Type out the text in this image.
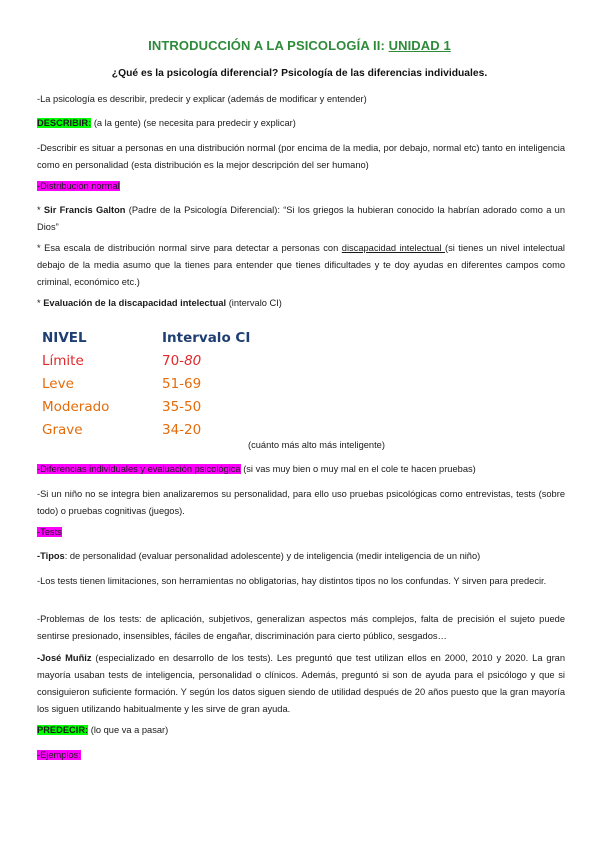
INTRODUCCIÓN A LA PSICOLOGÍA II: UNIDAD 1
¿Qué es la psicología diferencial? Psicología de las diferencias individuales.
-La psicología es describir, predecir y explicar (además de modificar y entender)
DESCRIBIR: (a la gente) (se necesita para predecir y explicar)
-Describir es situar a personas en una distribución normal (por encima de la media, por debajo, normal etc) tanto en inteligencia como en personalidad (esta distribución es la mejor descripción del ser humano)
-Distribución normal
* Sir Francis Galton (Padre de la Psicología Diferencial): “Si los griegos la hubieran conocido la habrían adorado como a un Dios”
* Esa escala de distribución normal sirve para detectar a personas con discapacidad intelectual (si tienes un nivel intelectual debajo de la media asumo que la tienes para entender que tienes dificultades y te doy ayudas en diferentes campos como criminal, económico etc.)
* Evaluación de la discapacidad intelectual (intervalo CI)
NIVEL	Intervalo CI
Límite	70-80
Leve	51-69
Moderado	35-50
Grave	34-20
(cuánto más alto más inteligente)
-Diferencias individuales y evaluación psicológica (si vas muy bien o muy mal en el cole te hacen pruebas)
-Si un niño no se integra bien analizaremos su personalidad, para ello uso pruebas psicológicas como entrevistas, tests (sobre todo) o pruebas cognitivas (juegos).
-Tests
-Tipos: de personalidad (evaluar personalidad adolescente) y de inteligencia (medir inteligencia de un niño)
-Los tests tienen limitaciones, son herramientas no obligatorias, hay distintos tipos no los confundas. Y sirven para predecir.
-Problemas de los tests: de aplicación, subjetivos, generalizan aspectos más complejos, falta de precisión el sujeto puede sentirse presionado, insensibles, fáciles de engañar, discriminación para cierto público, sesgados…
-José Muñiz (especializado en desarrollo de los tests). Les preguntó que test utilizan ellos en 2000, 2010 y 2020. La gran mayoría usaban tests de inteligencia, personalidad o clínicos. Además, preguntó si son de ayuda para el psicólogo y que si consiguieron suficiente formación. Y según los datos siguen siendo de utilidad después de 20 años puesto que la gran mayoría los siguen utilizando habitualmente y les sirve de gran ayuda.
PREDECIR: (lo que va a pasar)
-Ejemplos:
